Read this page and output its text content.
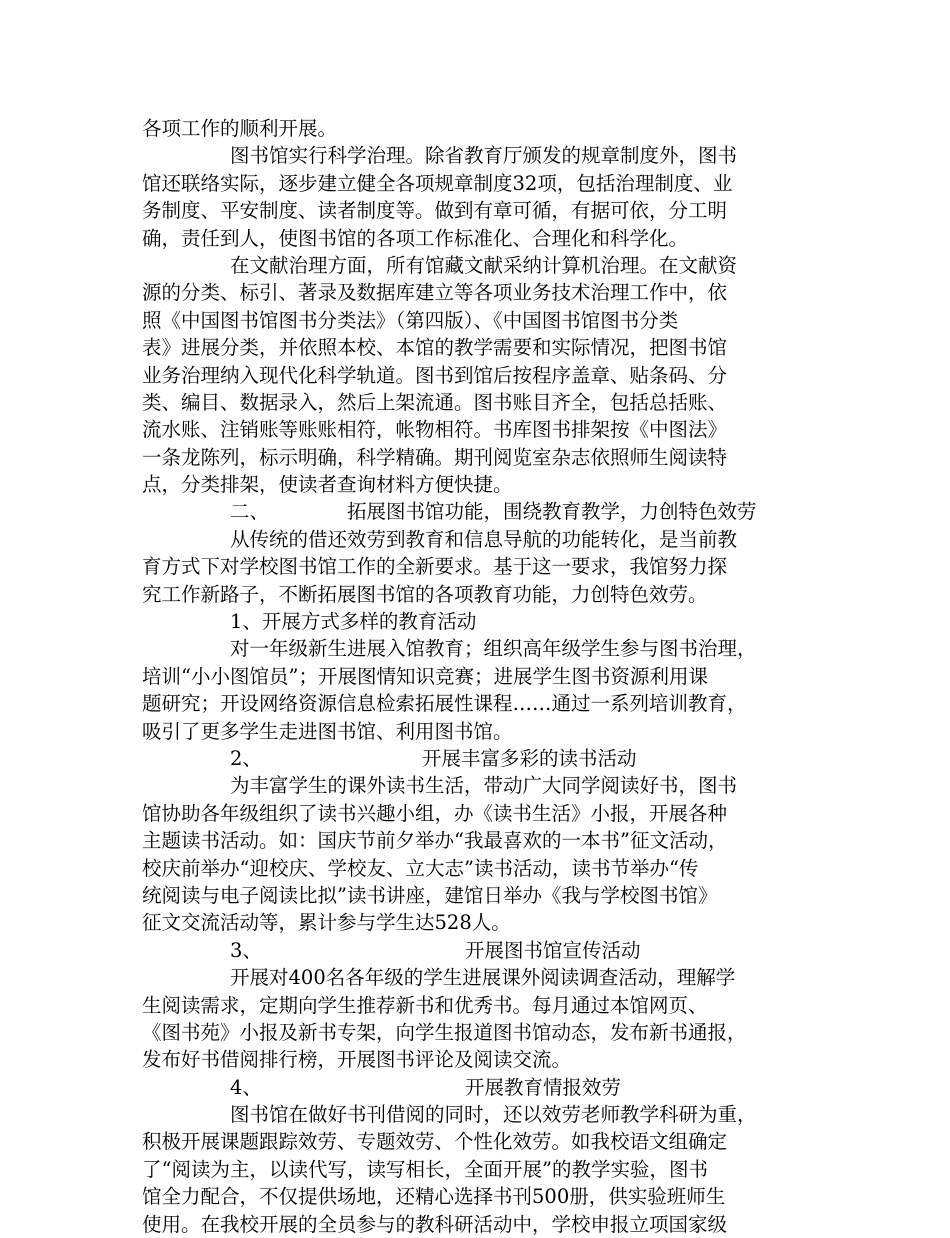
各项工作的顺利开展。
图书馆实行科学治理。除省教育厅颁发的规章制度外，图书
馆还联络实际，逐步建立健全各项规章制度32项，包括治理制度、业
务制度、平安制度、读者制度等。做到有章可循，有据可依，分工明
确，责任到人，使图书馆的各项工作标准化、合理化和科学化。
在文献治理方面，所有馆藏文献采纳计算机治理。在文献资
源的分类、标引、著录及数据库建立等各项业务技术治理工作中，依
照《中国图书馆图书分类法》（第四版）、《中国图书馆图书分类
表》进展分类，并依照本校、本馆的教学需要和实际情况，把图书馆
业务治理纳入现代化科学轨道。图书到馆后按程序盖章、贴条码、分
类、编目、数据录入，然后上架流通。图书账目齐全，包括总括账、
流水账、注销账等账账相符，帐物相符。书库图书排架按《中图法》
一条龙陈列，标示明确，科学精确。期刊阅览室杂志依照师生阅读特
点，分类排架，使读者查询材料方便快捷。
二、	拓展图书馆功能，围绕教育教学，力创特色效劳
从传统的借还效劳到教育和信息导航的功能转化，是当前教
育方式下对学校图书馆工作的全新要求。基于这一要求，我馆努力探
究工作新路子，不断拓展图书馆的各项教育功能，力创特色效劳。
1、开展方式多样的教育活动
对一年级新生进展入馆教育；组织高年级学生参与图书治理，
培训“小小图馆员”；开展图情知识竞赛；进展学生图书资源利用课
题研究；开设网络资源信息检索拓展性课程……通过一系列培训教育，
吸引了更多学生走进图书馆、利用图书馆。
2、	开展丰富多彩的读书活动
为丰富学生的课外读书生活，带动广大同学阅读好书，图书
馆协助各年级组织了读书兴趣小组，办《读书生活》小报，开展各种
主题读书活动。如：国庆节前夕举办“我最喜欢的一本书”征文活动，
校庆前举办“迎校庆、学校友、立大志”读书活动，读书节举办“传
统阅读与电子阅读比拟”读书讲座，建馆日举办《我与学校图书馆》
征文交流活动等，累计参与学生达528人。
3、	开展图书馆宣传活动
开展对400名各年级的学生进展课外阅读调查活动，理解学
生阅读需求，定期向学生推荐新书和优秀书。每月通过本馆网页、
《图书苑》小报及新书专架，向学生报道图书馆动态，发布新书通报，
发布好书借阅排行榜，开展图书评论及阅读交流。
4、	开展教育情报效劳
图书馆在做好书刊借阅的同时，还以效劳老师教学科研为重，
积极开展课题跟踪效劳、专题效劳、个性化效劳。如我校语文组确定
了“阅读为主，以读代写，读写相长，全面开展”的教学实验，图书
馆全力配合，不仅提供场地，还精心选择书刊500册，供实验班师生
使用。在我校开展的全员参与的教科研活动中，学校申报立项国家级
